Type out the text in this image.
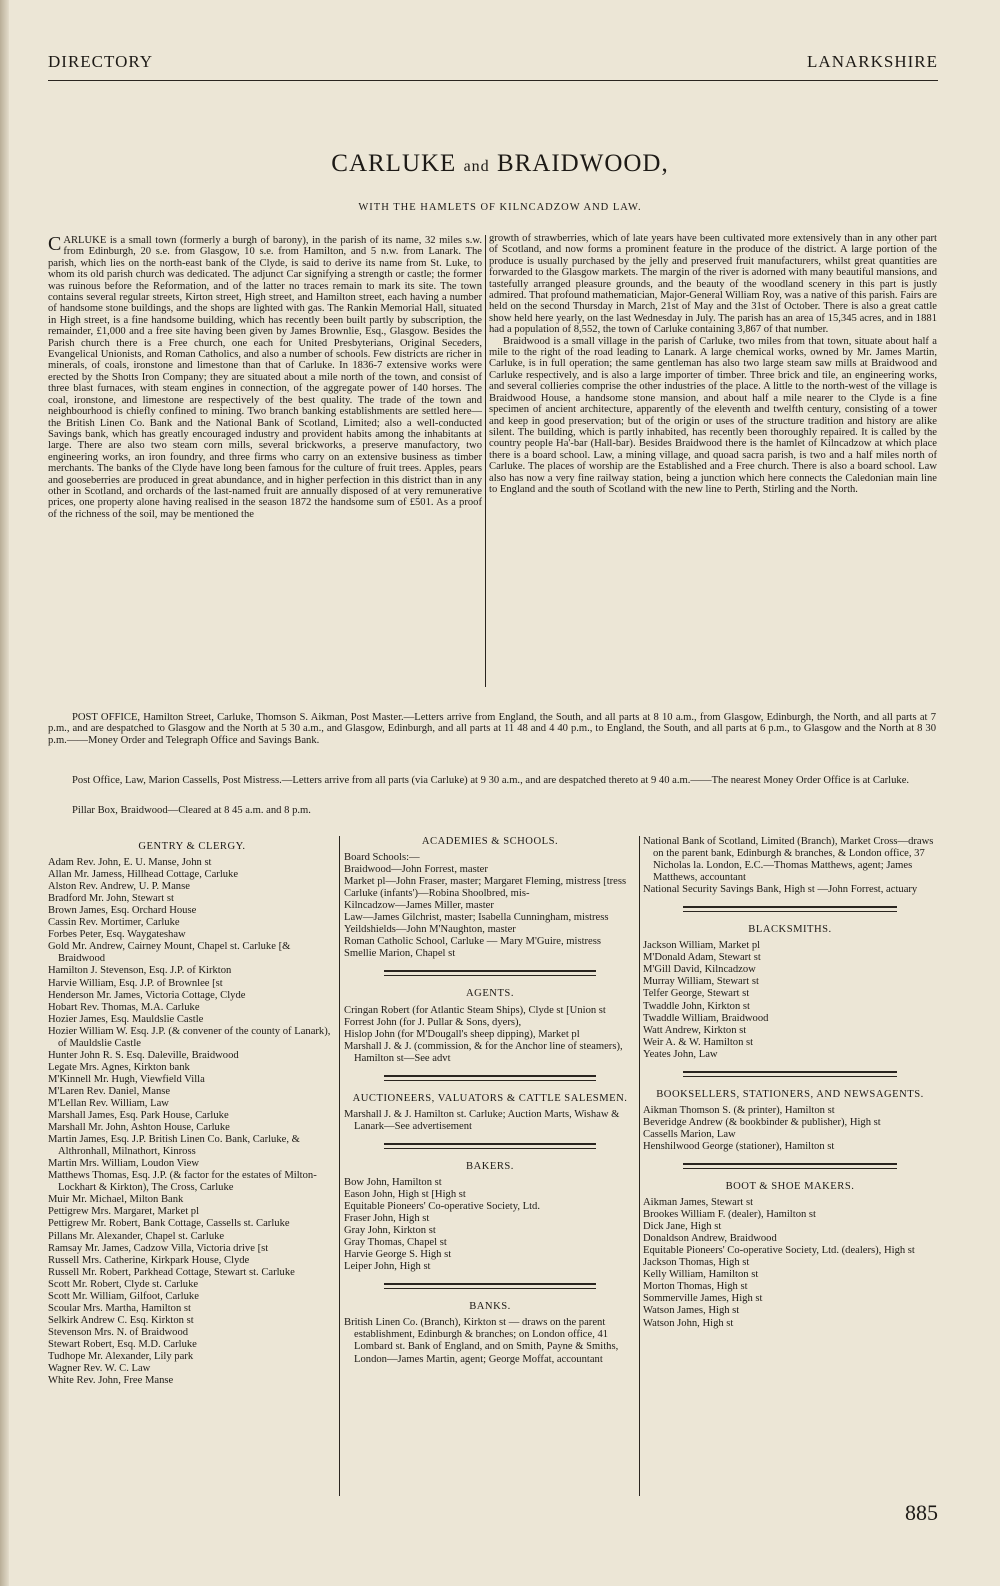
DIRECTORY	LANARKSHIRE
CARLUKE and BRAIDWOOD,
WITH THE HAMLETS OF KILNCADZOW AND LAW.

CARLUKE is a small town (formerly a burgh of barony), in the parish of its name, 32 miles s.w. from Edinburgh, 20 s.e. from Glasgow, 10 s.e. from Hamilton, and 5 n.w. from Lanark. The parish, which lies on the north-east bank of the Clyde, is said to derive its name from St. Luke, to whom its old parish church was dedicated. The adjunct Car signifying a strength or castle; the former was ruinous before the Reformation, and of the latter no traces remain to mark its site. The town contains several regular streets, Kirton street, High street, and Hamilton street, each having a number of handsome stone buildings, and the shops are lighted with gas. The Rankin Memorial Hall, situated in High street, is a fine handsome building, which has recently been built partly by subscription, the remainder, £1,000 and a free site having been given by James Brownlie, Esq., Glasgow. Besides the Parish church there is a Free church, one each for United Presbyterians, Original Seceders, Evangelical Unionists, and Roman Catholics, and also a number of schools. Few districts are richer in minerals, of coals, ironstone and limestone than that of Carluke. In 1836-7 extensive works were erected by the Shotts Iron Company; they are situated about a mile north of the town, and consist of three blast furnaces, with steam engines in connection, of the aggregate power of 140 horses. The coal, ironstone, and limestone are respectively of the best quality. The trade of the town and neighbourhood is chiefly confined to mining. Two branch banking establishments are settled here—the British Linen Co. Bank and the National Bank of Scotland, Limited; also a well-conducted Savings bank, which has greatly encouraged industry and provident habits among the inhabitants at large. There are also two steam corn mills, several brickworks, a preserve manufactory, two engineering works, an iron foundry, and three firms who carry on an extensive business as timber merchants. The banks of the Clyde have long been famous for the culture of fruit trees. Apples, pears and gooseberries are produced in great abundance, and in higher perfection in this district than in any other in Scotland, and orchards of the last-named fruit are annually disposed of at very remunerative prices, one property alone having realised in the season 1872 the handsome sum of £501. As a proof of the richness of the soil, may be mentioned the

growth of strawberries, which of late years have been cultivated more extensively than in any other part of Scotland, and now forms a prominent feature in the produce of the district. A large portion of the produce is usually purchased by the jelly and preserved fruit manufacturers, whilst great quantities are forwarded to the Glasgow markets. The margin of the river is adorned with many beautiful mansions, and tastefully arranged pleasure grounds, and the beauty of the woodland scenery in this part is justly admired. That profound mathematician, Major-General William Roy, was a native of this parish. Fairs are held on the second Thursday in March, 21st of May and the 31st of October. There is also a great cattle show held here yearly, on the last Wednesday in July. The parish has an area of 15,345 acres, and in 1881 had a population of 8,552, the town of Carluke containing 3,867 of that number.

Braidwood is a small village in the parish of Carluke, two miles from that town, situate about half a mile to the right of the road leading to Lanark. A large chemical works, owned by Mr. James Martin, Carluke, is in full operation; the same gentleman has also two large steam saw mills at Braidwood and Carluke respectively, and is also a large importer of timber. Three brick and tile, an engineering works, and several collieries comprise the other industries of the place. A little to the north-west of the village is Braidwood House, a handsome stone mansion, and about half a mile nearer to the Clyde is a fine specimen of ancient architecture, apparently of the eleventh and twelfth century, consisting of a tower and keep in good preservation; but of the origin or uses of the structure tradition and history are alike silent. The building, which is partly inhabited, has recently been thoroughly repaired. It is called by the country people Ha'-bar (Hall-bar). Besides Braidwood there is the hamlet of Kilncadzow at which place there is a board school. Law, a mining village, and quoad sacra parish, is two and a half miles north of Carluke. The places of worship are the Established and a Free church. There is also a board school. Law also has now a very fine railway station, being a junction which here connects the Caledonian main line to England and the south of Scotland with the new line to Perth, Stirling and the North.

POST OFFICE, Hamilton Street, Carluke, Thomson S. Aikman, Post Master.—Letters arrive from England, the South, and all parts at 8 10 a.m., from Glasgow, Edinburgh, the North, and all parts at 7 p.m., and are despatched to Glasgow and the North at 5 30 a.m., and Glasgow, Edinburgh, and all parts at 11 48 and 4 40 p.m., to England, the South, and all parts at 6 p.m., to Glasgow and the North at 8 30 p.m.——Money Order and Telegraph Office and Savings Bank.
Post Office, Law, Marion Cassells, Post Mistress.—Letters arrive from all parts (via Carluke) at 9 30 a.m., and are despatched thereto at 9 40 a.m.——The nearest Money Order Office is at Carluke.
Pillar Box, Braidwood—Cleared at 8 45 a.m. and 8 p.m.
GENTRY & CLERGY.
Adam Rev. John, E. U. Manse, John st
Allan Mr. Jamess, Hillhead Cottage, Carluke
Alston Rev. Andrew, U. P. Manse
Bradford Mr. John, Stewart st
Brown James, Esq. Orchard House
Cassin Rev. Mortimer, Carluke
Forbes Peter, Esq. Waygateshaw
Gold Mr. Andrew, Cairney Mount, Chapel st. Carluke [& Braidwood
Hamilton J. Stevenson, Esq. J.P. of Kirkton
Harvie William, Esq. J.P. of Brownlee [st
Henderson Mr. James, Victoria Cottage, Clyde
Hobart Rev. Thomas, M.A. Carluke
Hozier James, Esq. Mauldslie Castle
Hozier William W. Esq. J.P. (& convener of the county of Lanark), of Mauldslie Castle
Hunter John R. S. Esq. Daleville, Braidwood
Legate Mrs. Agnes, Kirkton bank
M'Kinnell Mr. Hugh, Viewfield Villa
M'Laren Rev. Daniel, Manse
M'Lellan Rev. William, Law
Marshall James, Esq. Park House, Carluke
Marshall Mr. John, Ashton House, Carluke
Martin James, Esq. J.P. British Linen Co. Bank, Carluke, & Althronhall, Milnathort, Kinross
Martin Mrs. William, Loudon View
Matthews Thomas, Esq. J.P. (& factor for the estates of Milton-Lockhart & Kirkton), The Cross, Carluke
Muir Mr. Michael, Milton Bank
Pettigrew Mrs. Margaret, Market pl
Pettigrew Mr. Robert, Bank Cottage, Cassells st. Carluke
Pillans Mr. Alexander, Chapel st. Carluke
Ramsay Mr. James, Cadzow Villa, Victoria drive [st
Russell Mrs. Catherine, Kirkpark House, Clyde
Russell Mr. Robert, Parkhead Cottage, Stewart st. Carluke
Scott Mr. Robert, Clyde st. Carluke
Scott Mr. William, Gilfoot, Carluke
Scoular Mrs. Martha, Hamilton st
Selkirk Andrew C. Esq. Kirkton st
Stevenson Mrs. N. of Braidwood
Stewart Robert, Esq. M.D. Carluke
Tudhope Mr. Alexander, Lily park
Wagner Rev. W. C. Law
White Rev. John, Free Manse
ACADEMIES & SCHOOLS.
Board Schools:—
Braidwood—John Forrest, master
Market pl—John Fraser, master; Margaret Fleming, mistress [tress
Carluke (infants')—Robina Shoolbred, mis-
Kilncadzow—James Miller, master
Law—James Gilchrist, master; Isabella Cunningham, mistress
Yeildshields—John M'Naughton, master
Roman Catholic School, Carluke — Mary M'Guire, mistress
Smellie Marion, Chapel st
AGENTS.
Cringan Robert (for Atlantic Steam Ships), Clyde st [Union st
Forrest John (for J. Pullar & Sons, dyers),
Hislop John (for M'Dougall's sheep dipping), Market pl
Marshall J. & J. (commission, & for the Anchor line of steamers), Hamilton st—See advt
AUCTIONEERS, VALUATORS & CATTLE SALESMEN.
Marshall J. & J. Hamilton st. Carluke; Auction Marts, Wishaw & Lanark—See advertisement
BAKERS.
Bow John, Hamilton st
Eason John, High st [High st
Equitable Pioneers' Co-operative Society, Ltd.
Fraser John, High st
Gray John, Kirkton st
Gray Thomas, Chapel st
Harvie George S. High st
Leiper John, High st
BANKS.
British Linen Co. (Branch), Kirkton st — draws on the parent establishment, Edinburgh & branches; on London office, 41 Lombard st. Bank of England, and on Smith, Payne & Smiths, London—James Martin, agent; George Moffat, accountant
National Bank of Scotland, Limited (Branch), Market Cross—draws on the parent bank, Edinburgh & branches, & London office, 37 Nicholas la. London, E.C.—Thomas Matthews, agent; James Matthews, accountant
National Security Savings Bank, High st —John Forrest, actuary
BLACKSMITHS.
Jackson William, Market pl
M'Donald Adam, Stewart st
M'Gill David, Kilncadzow
Murray William, Stewart st
Telfer George, Stewart st
Twaddle John, Kirkton st
Twaddle William, Braidwood
Watt Andrew, Kirkton st
Weir A. & W. Hamilton st
Yeates John, Law
BOOKSELLERS, STATIONERS, AND NEWSAGENTS.
Aikman Thomson S. (& printer), Hamilton st
Beveridge Andrew (& bookbinder & publisher), High st
Cassells Marion, Law
Henshilwood George (stationer), Hamilton st
BOOT & SHOE MAKERS.
Aikman James, Stewart st
Brookes William F. (dealer), Hamilton st
Dick Jane, High st
Donaldson Andrew, Braidwood
Equitable Pioneers' Co-operative Society, Ltd. (dealers), High st
Jackson Thomas, High st
Kelly William, Hamilton st
Morton Thomas, High st
Sommerville James, High st
Watson James, High st
Watson John, High st
885
